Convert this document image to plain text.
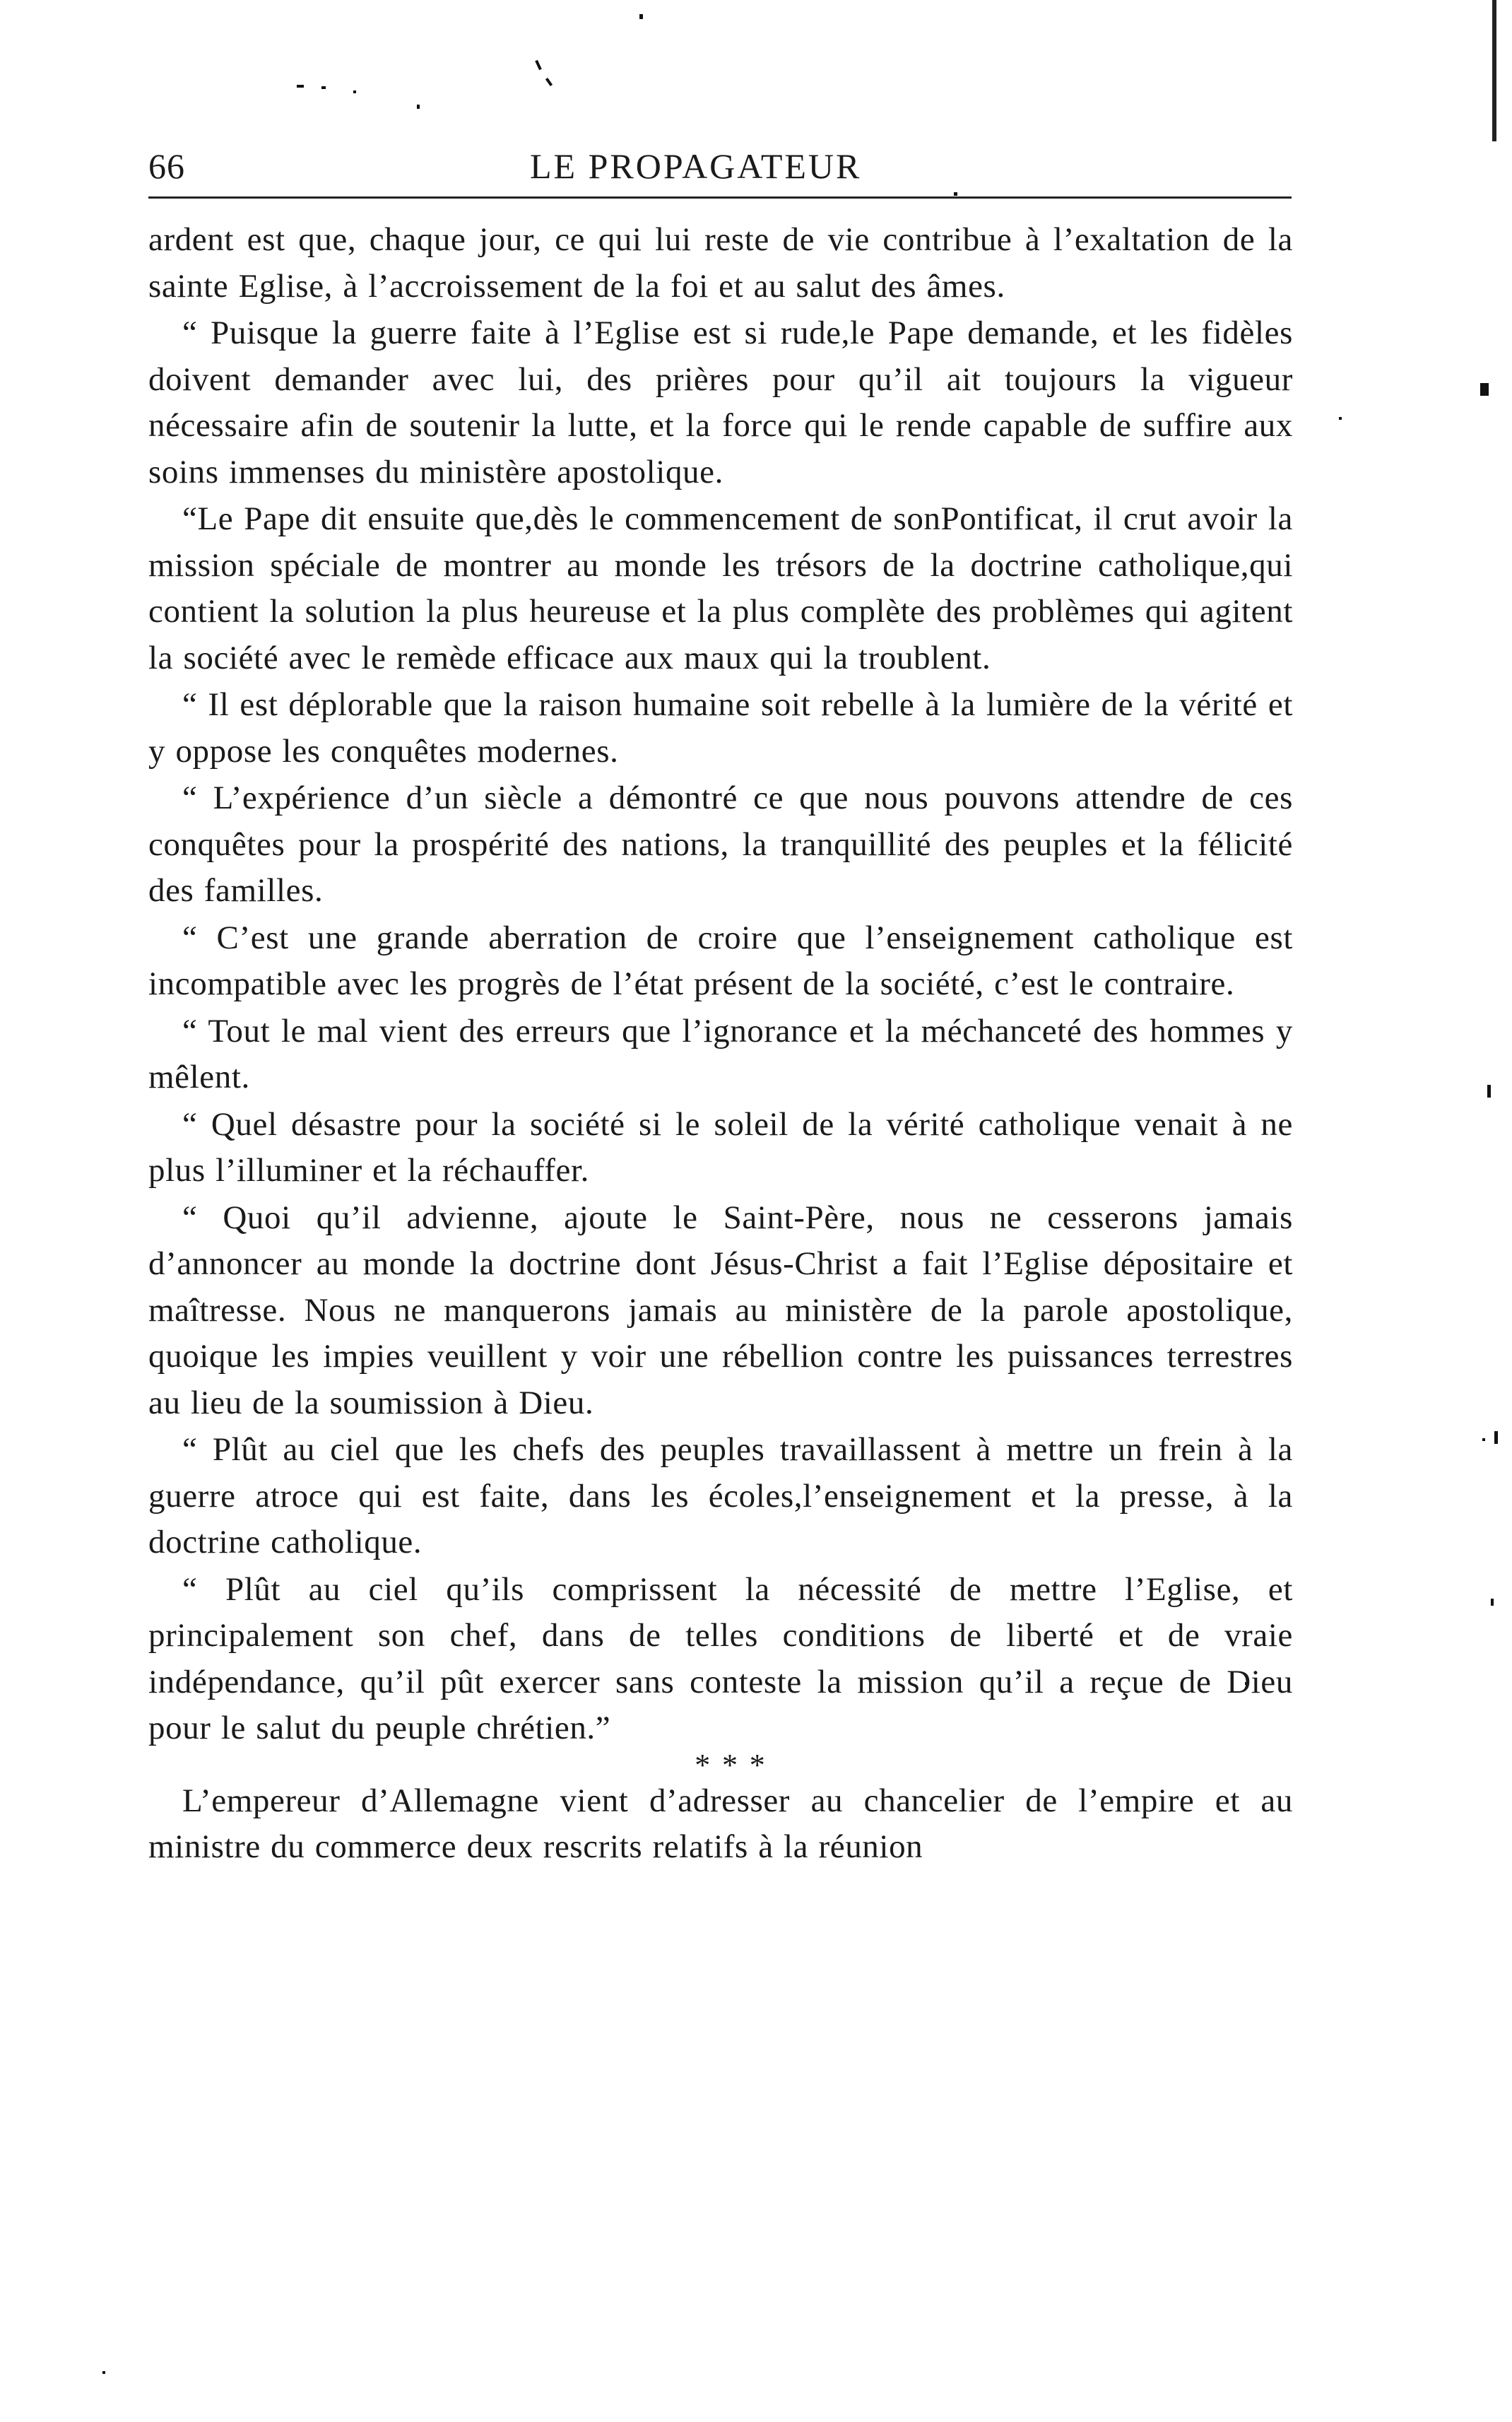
66	LE PROPAGATEUR

ardent est que, chaque jour, ce qui lui reste de vie contribue à l’exaltation de la sainte Eglise, à l’accroissement de la foi et au salut des âmes.

“ Puisque la guerre faite à l’Eglise est si rude,le Pape demande, et les fidèles doivent demander avec lui, des prières pour qu’il ait toujours la vigueur nécessaire afin de soutenir la lutte, et la force qui le rende capable de suffire aux soins immenses du ministère apostolique.

“Le Pape dit ensuite que,dès le commencement de sonPontificat, il crut avoir la mission spéciale de montrer au monde les trésors de la doctrine catholique,qui contient la solution la plus heureuse et la plus complète des problèmes qui agitent la société avec le remède efficace aux maux qui la troublent.

“ Il est déplorable que la raison humaine soit rebelle à la lumière de la vérité et y oppose les conquêtes modernes.

“ L’expérience d’un siècle a démontré ce que nous pouvons attendre de ces conquêtes pour la prospérité des nations, la tranquillité des peuples et la félicité des familles.

“ C’est une grande aberration de croire que l’enseignement catholique est incompatible avec les progrès de l’état présent de la société, c’est le contraire.

“ Tout le mal vient des erreurs que l’ignorance et la méchanceté des hommes y mêlent.

“ Quel désastre pour la société si le soleil de la vérité catholique venait à ne plus l’illuminer et la réchauffer.

“ Quoi qu’il advienne, ajoute le Saint-Père, nous ne cesserons jamais d’annoncer au monde la doctrine dont Jésus-Christ a fait l’Eglise dépositaire et maîtresse. Nous ne manquerons jamais au ministère de la parole apostolique, quoique les impies veuillent y voir une rébellion contre les puissances terrestres au lieu de la soumission à Dieu.

“ Plût au ciel que les chefs des peuples travaillassent à mettre un frein à la guerre atroce qui est faite, dans les écoles,l’enseignement et la presse, à la doctrine catholique.

“ Plût au ciel qu’ils comprissent la nécessité de mettre l’Eglise, et principalement son chef, dans de telles conditions de liberté et de vraie indépendance, qu’il pût exercer sans conteste la mission qu’il a reçue de Dieu pour le salut du peuple chrétien.”

* * *

L’empereur d’Allemagne vient d’adresser au chancelier de l’empire et au ministre du commerce deux rescrits relatifs à la réunion
